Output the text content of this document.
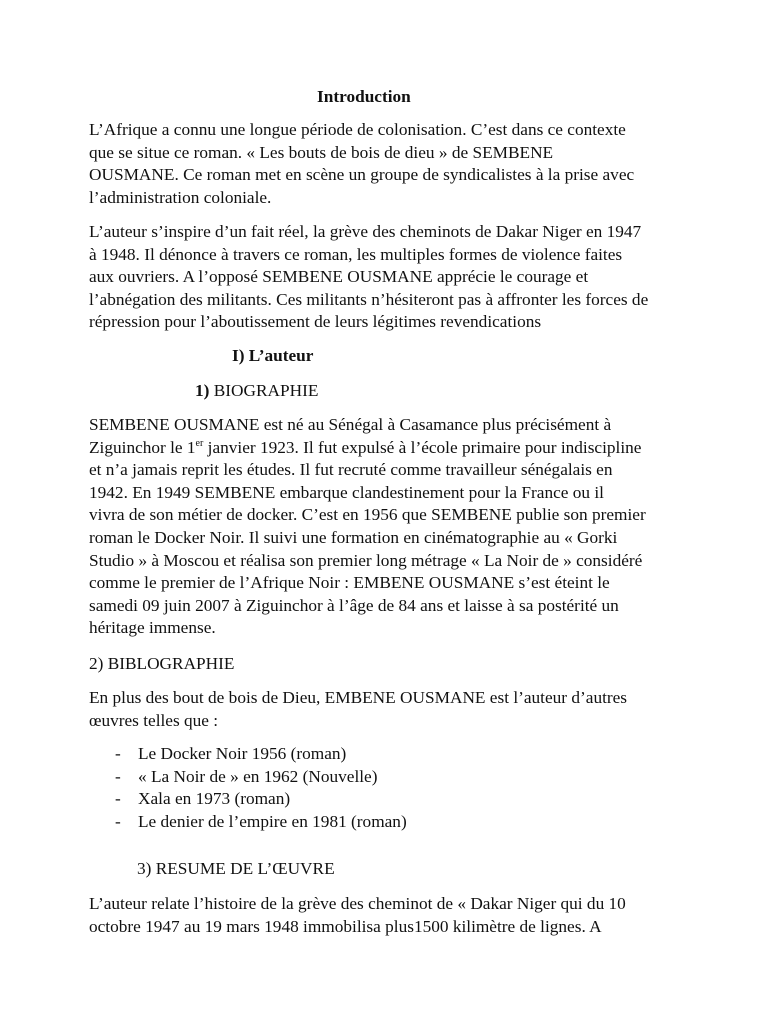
Introduction
L’Afrique a connu une longue période de colonisation. C’est dans ce contexte
que se situe ce roman. « Les bouts de bois de dieu » de SEMBENE
OUSMANE. Ce roman met en scène un groupe de syndicalistes à la prise avec
l’administration coloniale.
L’auteur s’inspire d’un fait réel, la grève des cheminots de Dakar Niger en 1947
à 1948. Il dénonce à travers ce roman, les multiples formes de violence faites
aux ouvriers. A l’opposé SEMBENE OUSMANE apprécie le courage et
l’abnégation des militants. Ces militants n’hésiteront pas à affronter les forces de
répression pour l’aboutissement de leurs légitimes revendications
I) L’auteur
1) BIOGRAPHIE
SEMBENE OUSMANE est né au Sénégal à Casamance plus précisément à
Ziguinchor le 1er janvier 1923. Il fut expulsé à l’école primaire pour indiscipline
et n’a jamais reprit les études. Il fut recruté comme travailleur sénégalais en
1942. En 1949 SEMBENE embarque clandestinement pour la France ou il
vivra de son métier de docker. C’est en 1956 que SEMBENE publie son premier
roman le Docker Noir. Il suivi une formation en cinématographie au « Gorki
Studio » à Moscou et réalisa son premier long métrage « La Noir de » considéré
comme le premier de l’Afrique Noir : EMBENE OUSMANE s’est éteint le
samedi 09 juin 2007 à Ziguinchor à l’âge de 84 ans et laisse à sa postérité un
héritage immense.
2) BIBLOGRAPHIE
En plus des bout de bois de Dieu, EMBENE OUSMANE est l’auteur d’autres
œuvres telles que :
- Le Docker Noir 1956 (roman)
- « La Noir de » en 1962 (Nouvelle)
- Xala en 1973 (roman)
- Le denier de l’empire en 1981 (roman)
3) RESUME DE L’ŒUVRE
L’auteur relate l’histoire de la grève des cheminot de « Dakar Niger qui du 10
octobre 1947 au 19 mars 1948 immobilisa plus1500 kilimètre de lignes. A
